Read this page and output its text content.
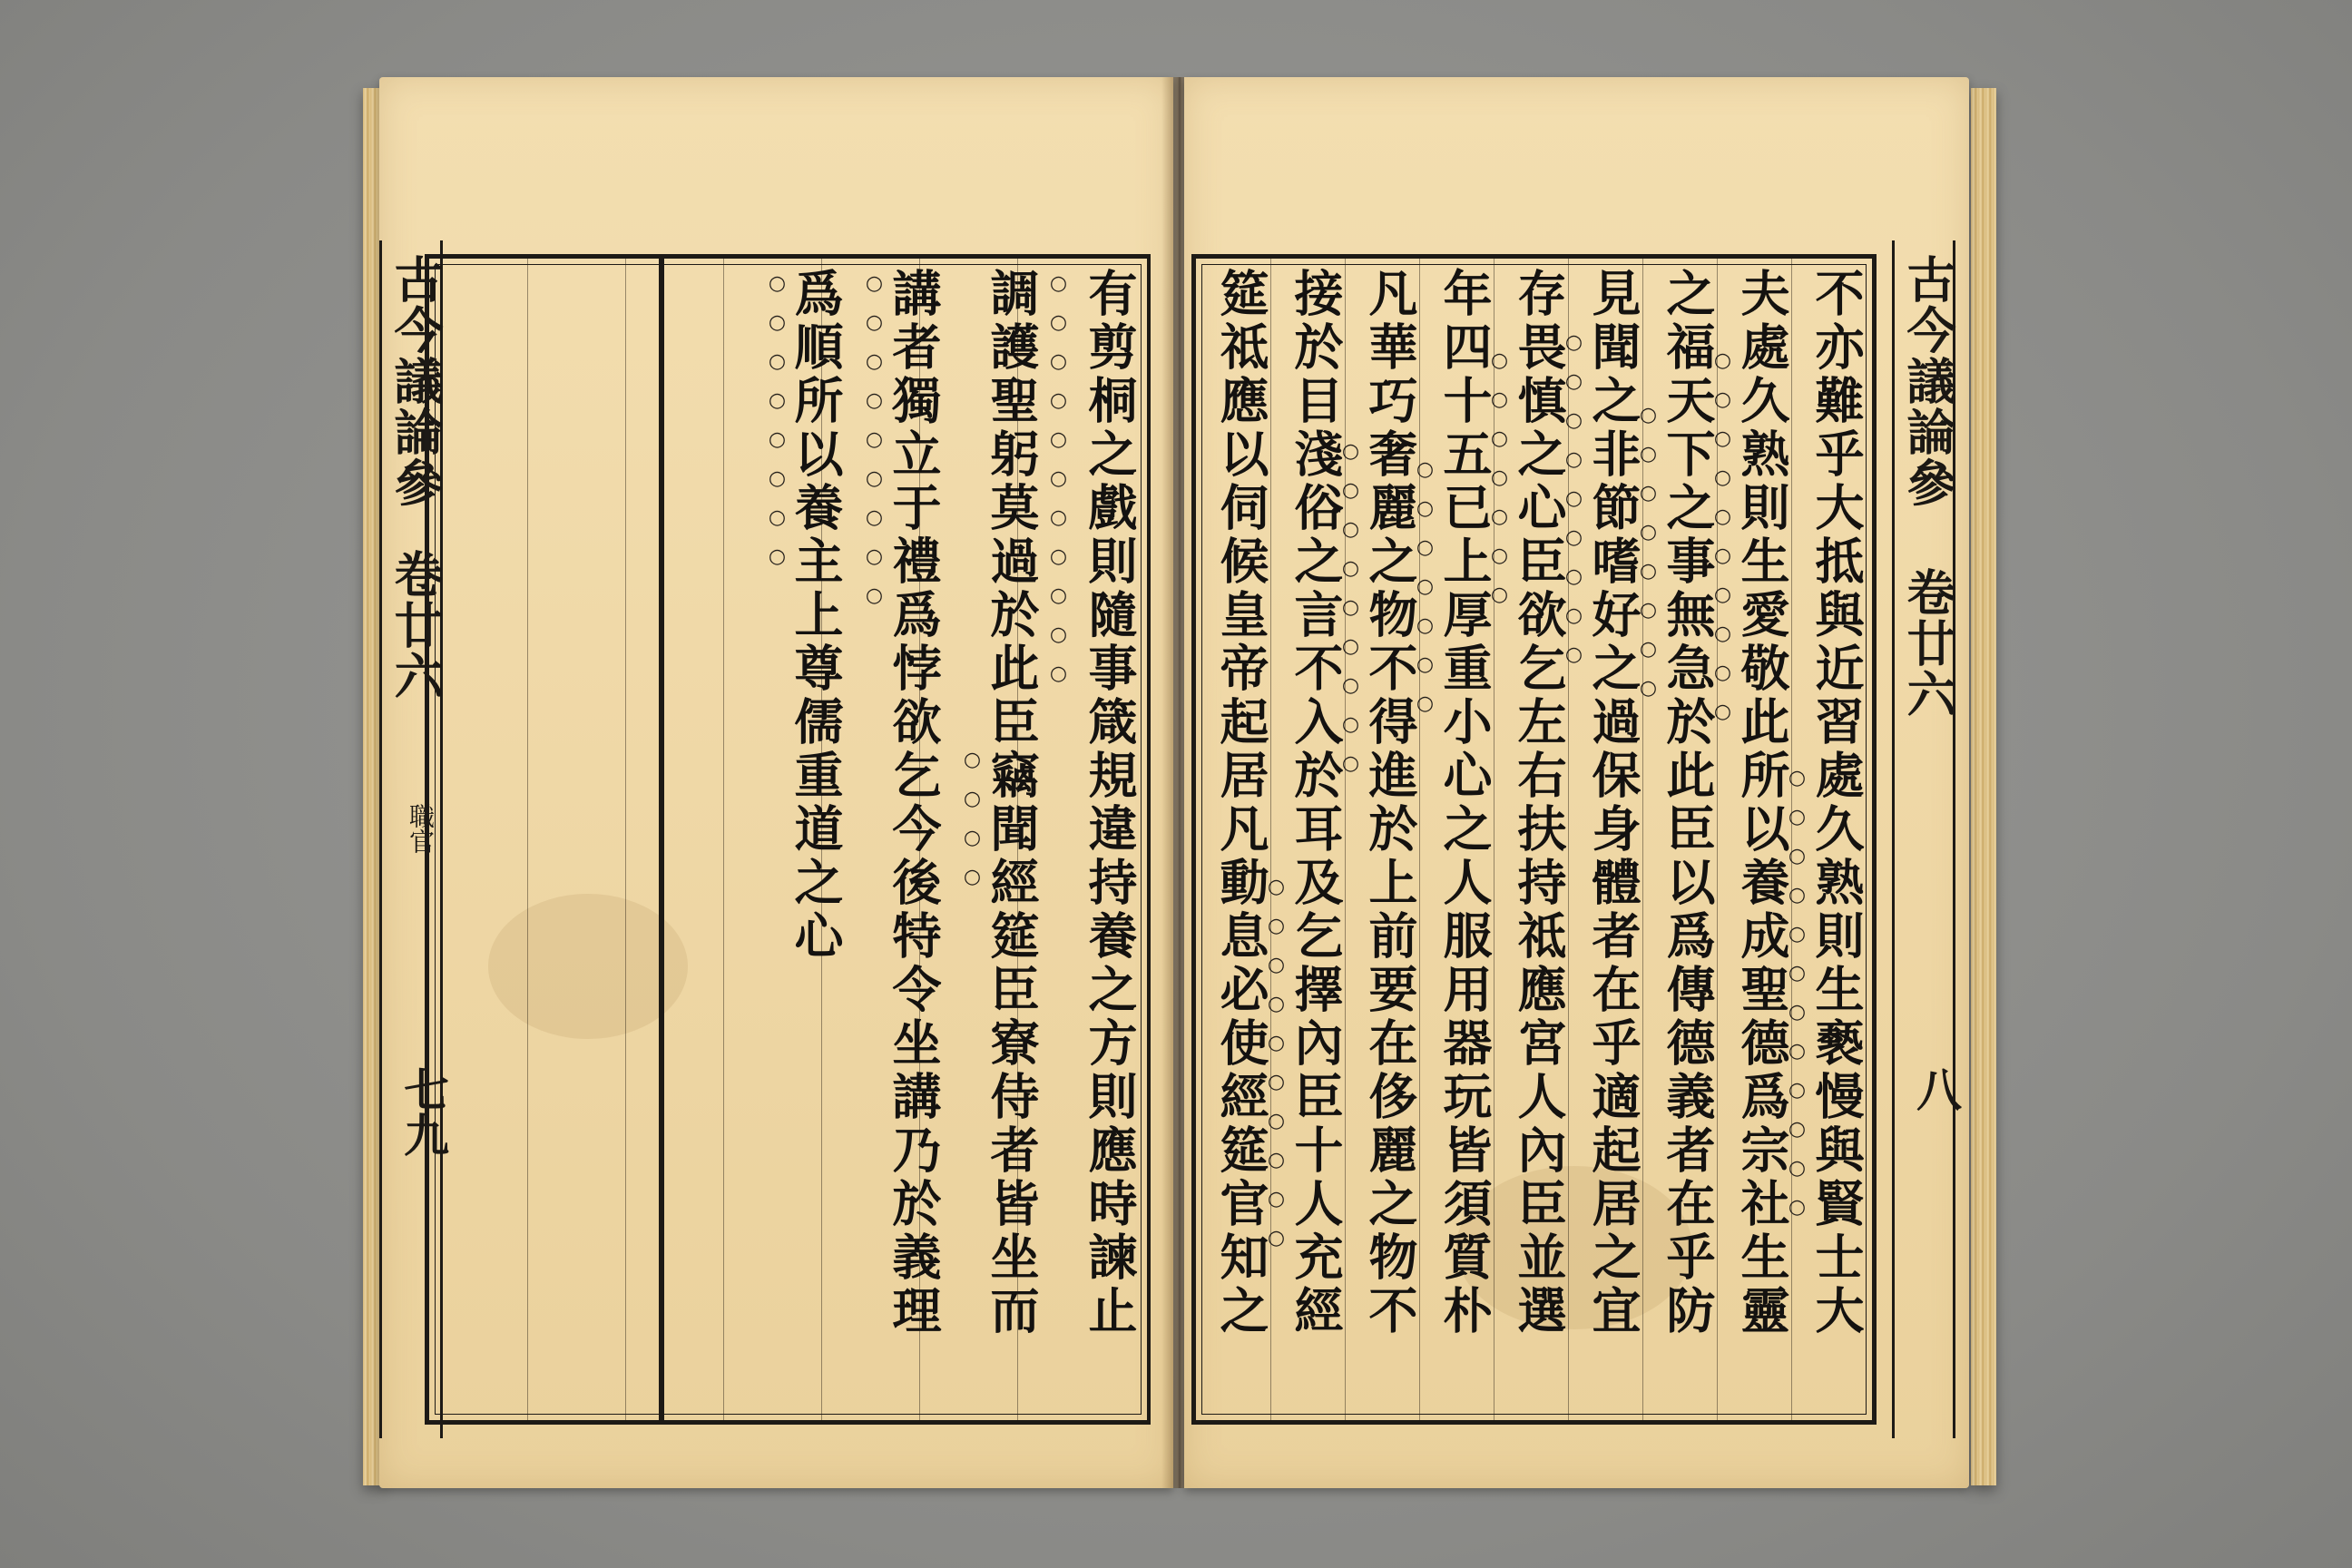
古今議論參
卷廿六
職官
七九	有剪桐之戲則隨事箴規違持養之方則應時諫止
○○○○○○○○○○○
調護聖躬莫過於此臣竊聞經筵臣寮侍者皆坐而
○○○○
講者獨立于禮爲悖欲乞今後特令坐講乃於義理
○○○○○○○○○
爲順所以養主上尊儒重道之心
○○○○○○○○	古今議論參
卷廿六
八
不亦難乎大抵與近習處久熟則生褻慢與賢士大
○○○○○○○○○○○○
夫處久熟則生愛敬此所以養成聖德爲宗社生靈
○○○○○○○○○○
之福天下之事無急於此臣以爲傳德義者在乎防
○○○○○○○○
見聞之非節嗜好之過保身體者在乎適起居之宜
○○○○○○○○○
存畏慎之心臣欲乞左右扶持祗應宮人內臣並選
○○○○○○○
年四十五已上厚重小心之人服用器玩皆須質朴
○○○○○○○
凡華巧奢麗之物不得進於上前要在侈麗之物不
○○○○○○○○○
接於目淺俗之言不入於耳及乞擇內臣十人充經
○○○○○○○○○○
筵祗應以伺候皇帝起居凡動息必使經筵官知之
